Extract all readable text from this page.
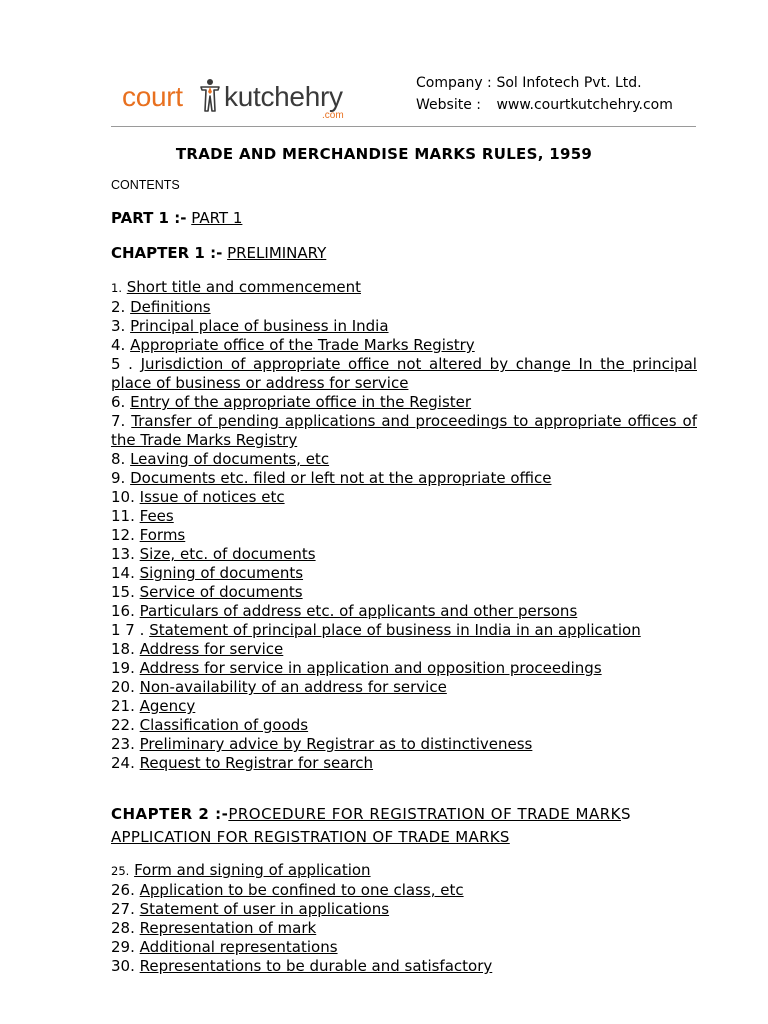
court kutchehry
.com
Company : Sol Infotech Pvt. Ltd.
Website : www.courtkutchehry.com
TRADE AND MERCHANDISE MARKS RULES, 1959
CONTENTS
PART 1 :- PART 1
CHAPTER 1 :- PRELIMINARY
1. Short title and commencement
2. Definitions
3. Principal place of business in India
4. Appropriate office of the Trade Marks Registry
5 . Jurisdiction of appropriate office not altered by change In the principal place of business or address for service
6. Entry of the appropriate office in the Register
7. Transfer of pending applications and proceedings to appropriate offices of the Trade Marks Registry
8. Leaving of documents, etc
9. Documents etc. filed or left not at the appropriate office
10. Issue of notices etc
11. Fees
12. Forms
13. Size, etc. of documents
14. Signing of documents
15. Service of documents
16. Particulars of address etc. of applicants and other persons
1 7 . Statement of principal place of business in India in an application
18. Address for service
19. Address for service in application and opposition proceedings
20. Non-availability of an address for service
21. Agency
22. Classification of goods
23. Preliminary advice by Registrar as to distinctiveness
24. Request to Registrar for search
CHAPTER 2 :-PROCEDURE FOR REGISTRATION OF TRADE MARKS
APPLICATION FOR REGISTRATION OF TRADE MARKS
25. Form and signing of application
26. Application to be confined to one class, etc
27. Statement of user in applications
28. Representation of mark
29. Additional representations
30. Representations to be durable and satisfactory
